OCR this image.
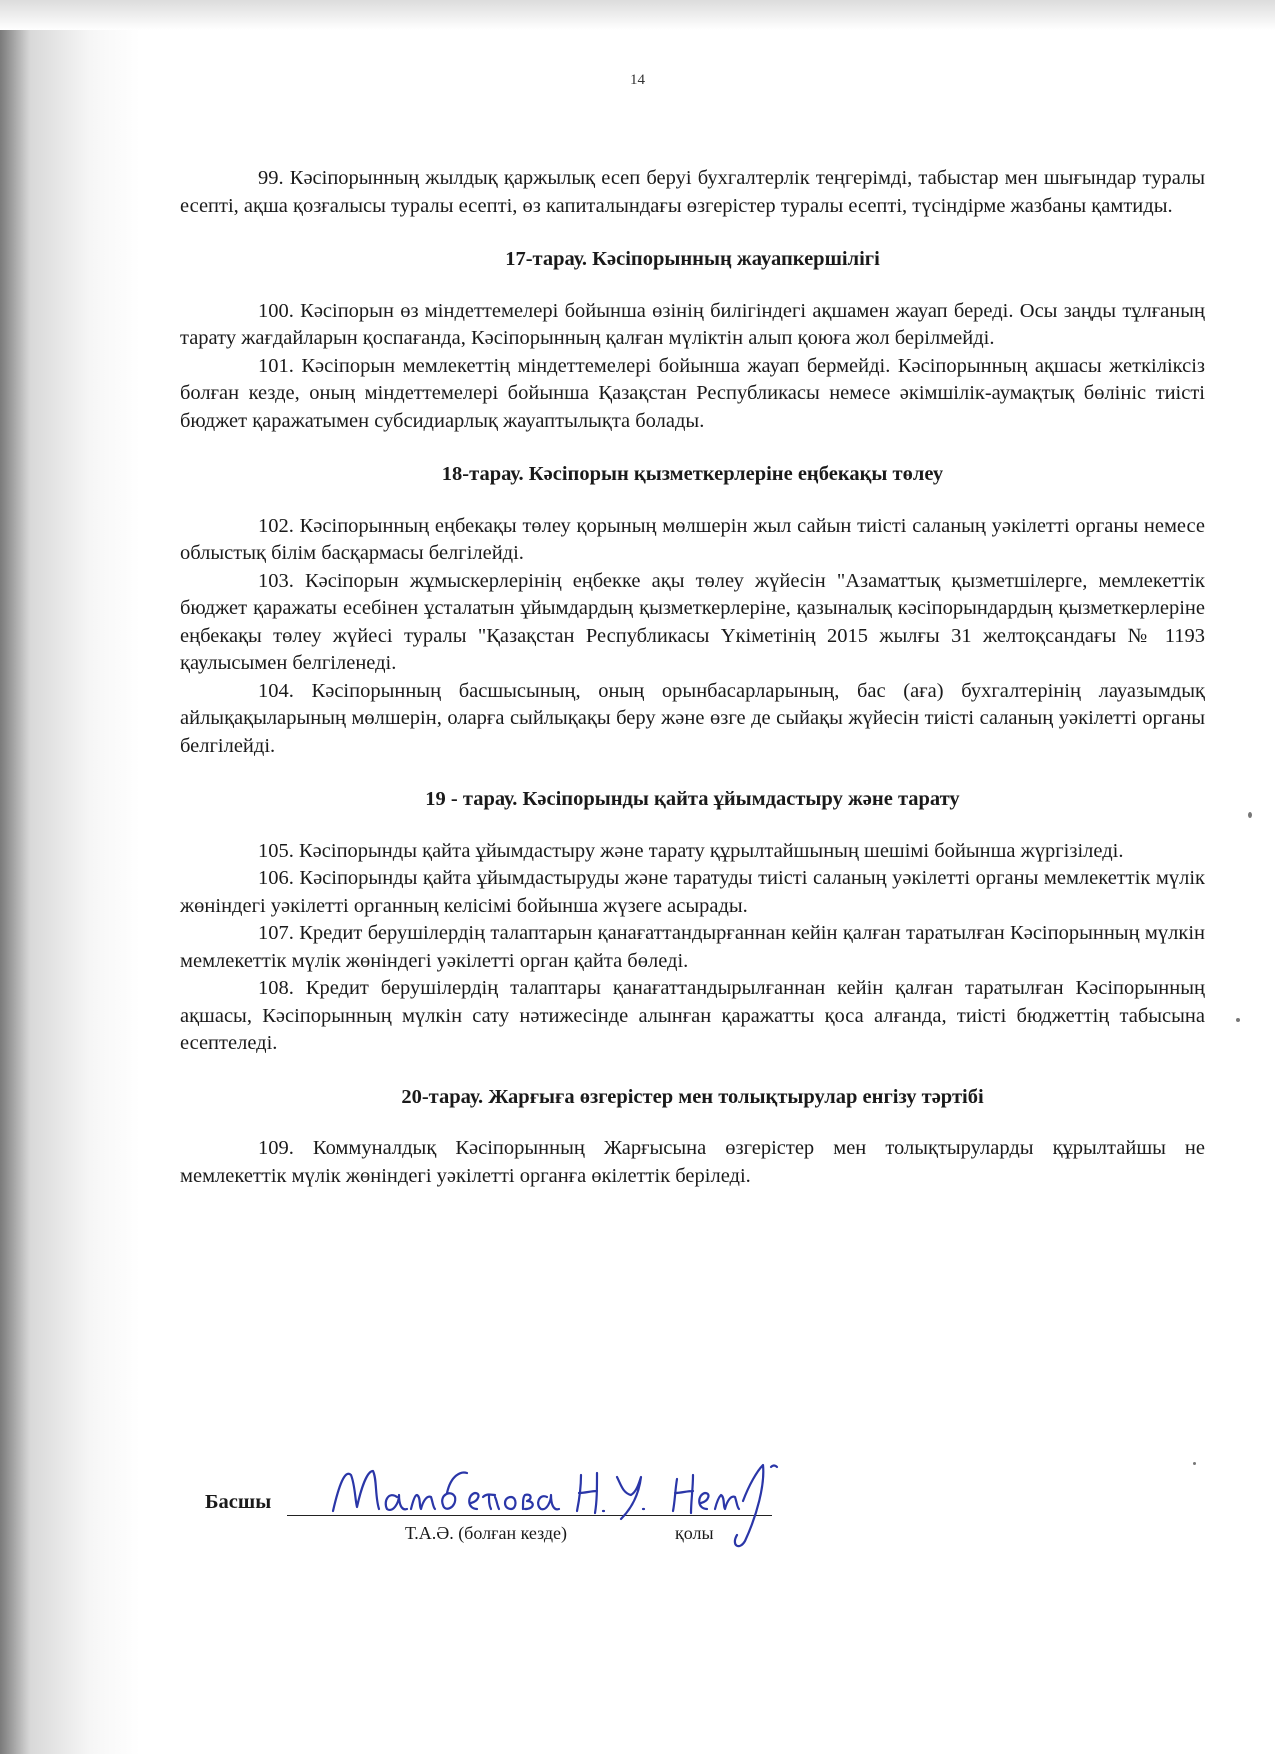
14

99. Кәсіпорынның жылдық қаржылық есеп беруі бухгалтерлік теңгерімді, табыстар мен шығындар туралы есепті, ақша қозғалысы туралы есепті, өз капиталындағы өзгерістер туралы есепті, түсіндірме жазбаны қамтиды.

17-тарау. Кәсіпорынның жауапкершілігі

100. Кәсіпорын өз міндеттемелері бойынша өзінің билігіндегі ақшамен жауап береді. Осы заңды тұлғаның тарату жағдайларын қоспағанда, Кәсіпорынның қалған мүліктін алып қоюға жол берілмейді.

101. Кәсіпорын мемлекеттің міндеттемелері бойынша жауап бермейді. Кәсіпорынның ақшасы жеткіліксіз болған кезде, оның міндеттемелері бойынша Қазақстан Республикасы немесе әкімшілік-аумақтық бөлініс тиісті бюджет қаражатымен субсидиарлық жауаптылықта болады.

18-тарау. Кәсіпорын қызметкерлеріне еңбекақы төлеу

102. Кәсіпорынның еңбекақы төлеу қорының мөлшерін жыл сайын тиісті саланың уәкілетті органы немесе облыстық білім басқармасы белгілейді.

103. Кәсіпорын жұмыскерлерінің еңбекке ақы төлеу жүйесін "Азаматтық қызметшілерге, мемлекеттік бюджет қаражаты есебінен ұсталатын ұйымдардың қызметкерлеріне, қазыналық кәсіпорындардың қызметкерлеріне еңбекақы төлеу жүйесі туралы "Қазақстан Республикасы Үкіметінің 2015 жылғы 31 желтоқсандағы № 1193 қаулысымен белгіленеді.

104. Кәсіпорынның басшысының, оның орынбасарларының, бас (аға) бухгалтерінің лауазымдық айлықақыларының мөлшерін, оларға сыйлықақы беру және өзге де сыйақы жүйесін тиісті саланың уәкілетті органы белгілейді.

19 - тарау. Кәсіпорынды қайта ұйымдастыру және тарату

105. Кәсіпорынды қайта ұйымдастыру және тарату құрылтайшының шешімі бойынша жүргізіледі.

106. Кәсіпорынды қайта ұйымдастыруды және таратуды тиісті саланың уәкілетті органы мемлекеттік мүлік жөніндегі уәкілетті органның келісімі бойынша жүзеге асырады.

107. Кредит берушілердің талаптарын қанағаттандырғаннан кейін қалған таратылған Кәсіпорынның мүлкін мемлекеттік мүлік жөніндегі уәкілетті орган қайта бөледі.

108. Кредит берушілердің талаптары қанағаттандырылғаннан кейін қалған таратылған Кәсіпорынның ақшасы, Кәсіпорынның мүлкін сату нәтижесінде алынған қаражатты қоса алғанда, тиісті бюджеттің табысына есептеледі.

20-тарау. Жарғыға өзгерістер мен толықтырулар енгізу тәртібі

109. Коммуналдық Кәсіпорынның Жарғысына өзгерістер мен толықтыруларды құрылтайшы не мемлекеттік мүлік жөніндегі уәкілетті органға өкілеттік беріледі.

Басшы
Т.А.Ә. (болған кезде)	қолы
